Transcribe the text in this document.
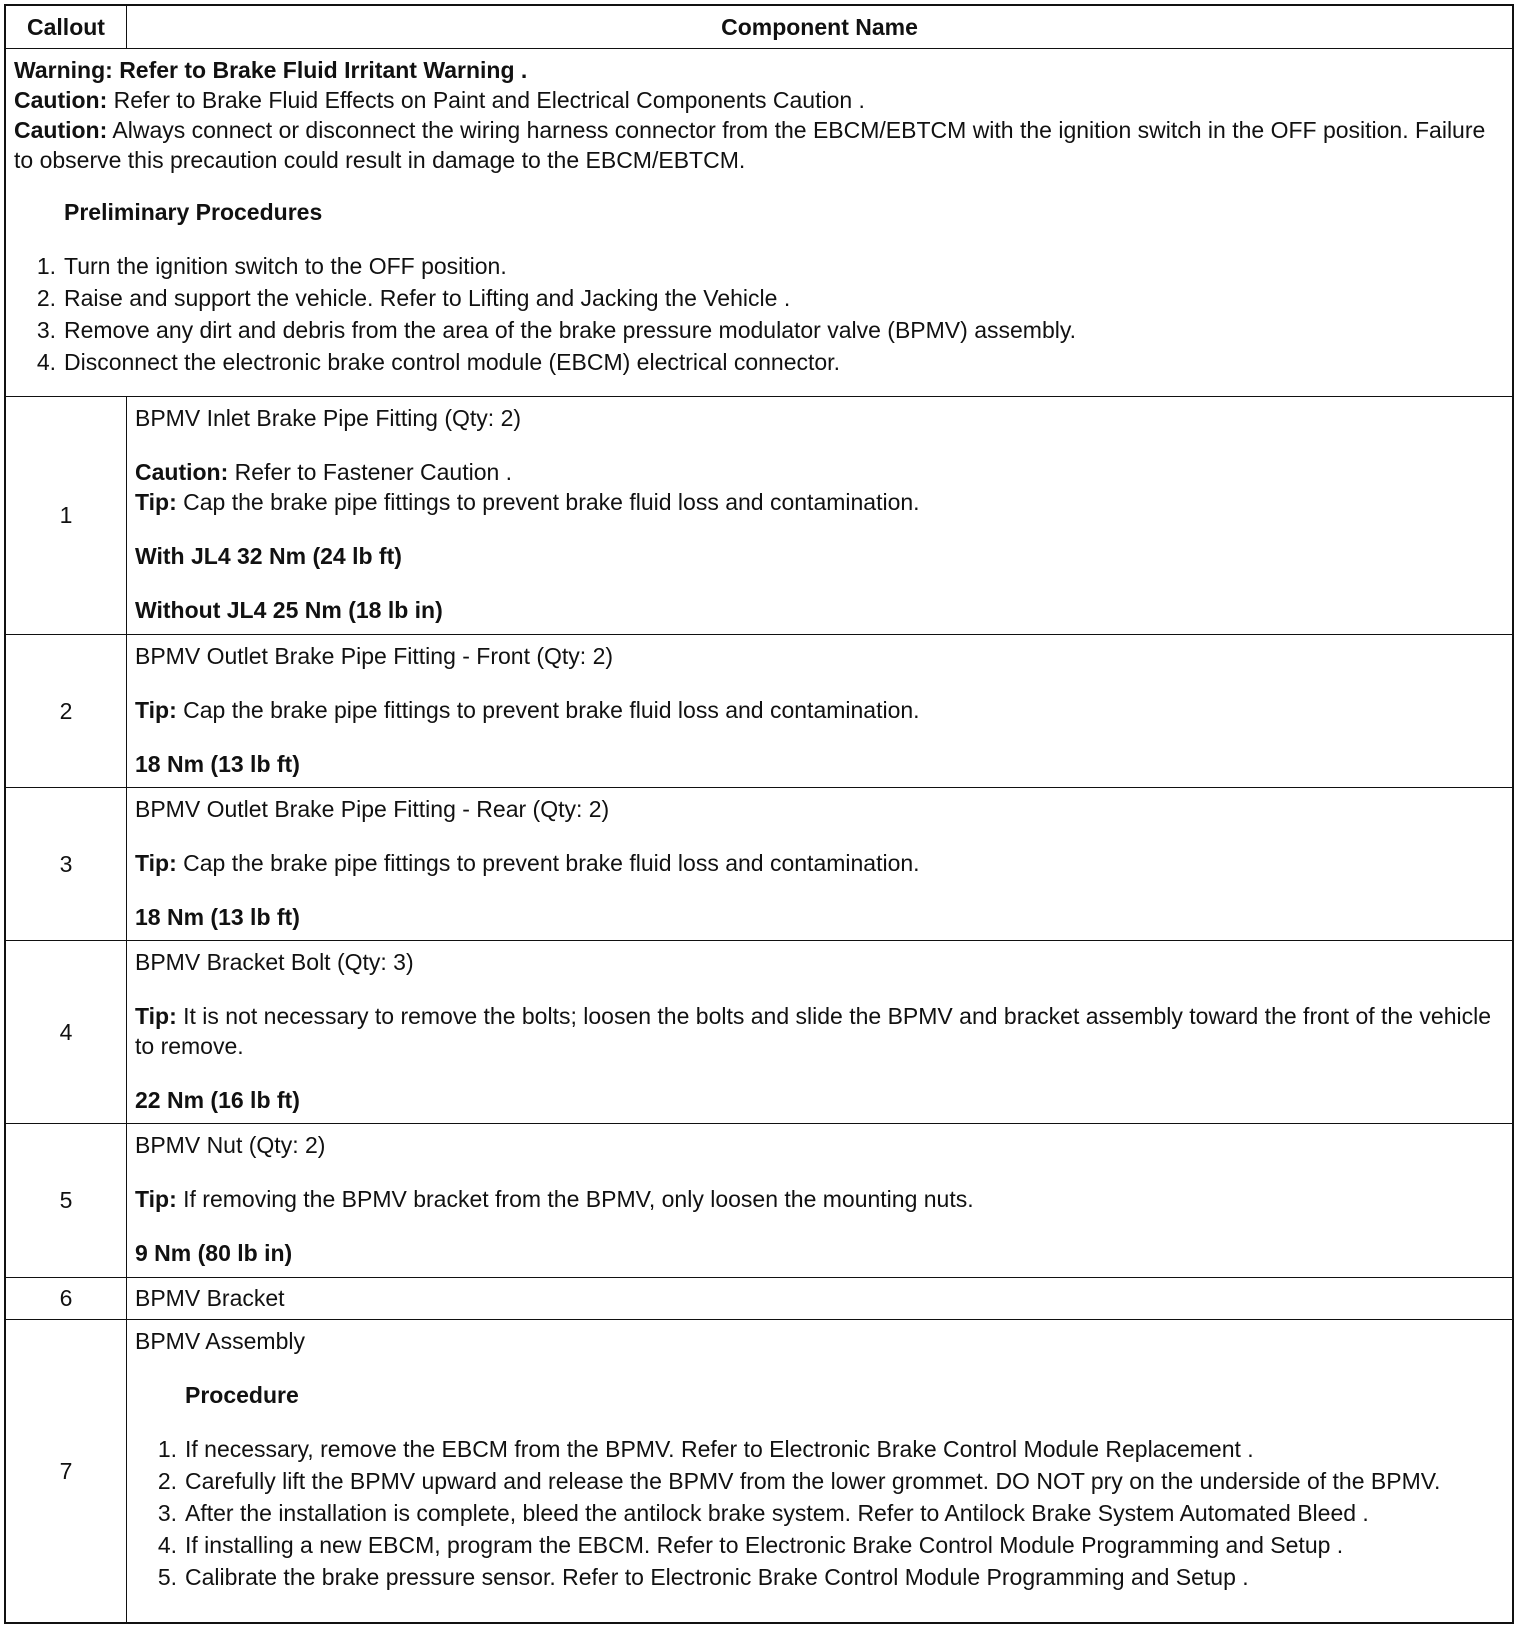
Callout	Component Name

Warning: Refer to Brake Fluid Irritant Warning .

Caution: Refer to Brake Fluid Effects on Paint and Electrical Components Caution .

Caution: Always connect or disconnect the wiring harness connector from the EBCM/EBTCM with the ignition switch in the OFF position. Failure to observe this precaution could result in damage to the EBCM/EBTCM.

Preliminary Procedures

1. Turn the ignition switch to the OFF position.
2. Raise and support the vehicle. Refer to Lifting and Jacking the Vehicle .
3. Remove any dirt and debris from the area of the brake pressure modulator valve (BPMV) assembly.
4. Disconnect the electronic brake control module (EBCM) electrical connector.
1

BPMV Inlet Brake Pipe Fitting (Qty: 2)

Caution: Refer to Fastener Caution .

Tip: Cap the brake pipe fittings to prevent brake fluid loss and contamination.

With JL4 32 Nm (24 lb ft)

Without JL4 25 Nm (18 lb in)

2

BPMV Outlet Brake Pipe Fitting - Front (Qty: 2)

Tip: Cap the brake pipe fittings to prevent brake fluid loss and contamination.

18 Nm (13 lb ft)

3

BPMV Outlet Brake Pipe Fitting - Rear (Qty: 2)

Tip: Cap the brake pipe fittings to prevent brake fluid loss and contamination.

18 Nm (13 lb ft)

4

BPMV Bracket Bolt (Qty: 3)

Tip: It is not necessary to remove the bolts; loosen the bolts and slide the BPMV and bracket assembly toward the front of the vehicle to remove.

22 Nm (16 lb ft)

5

BPMV Nut (Qty: 2)

Tip: If removing the BPMV bracket from the BPMV, only loosen the mounting nuts.

9 Nm (80 lb in)

6	BPMV Bracket

7

BPMV Assembly

Procedure

1. If necessary, remove the EBCM from the BPMV. Refer to Electronic Brake Control Module Replacement .
2. Carefully lift the BPMV upward and release the BPMV from the lower grommet. DO NOT pry on the underside of the BPMV.
3. After the installation is complete, bleed the antilock brake system. Refer to Antilock Brake System Automated Bleed .
4. If installing a new EBCM, program the EBCM. Refer to Electronic Brake Control Module Programming and Setup .
5. Calibrate the brake pressure sensor. Refer to Electronic Brake Control Module Programming and Setup .
